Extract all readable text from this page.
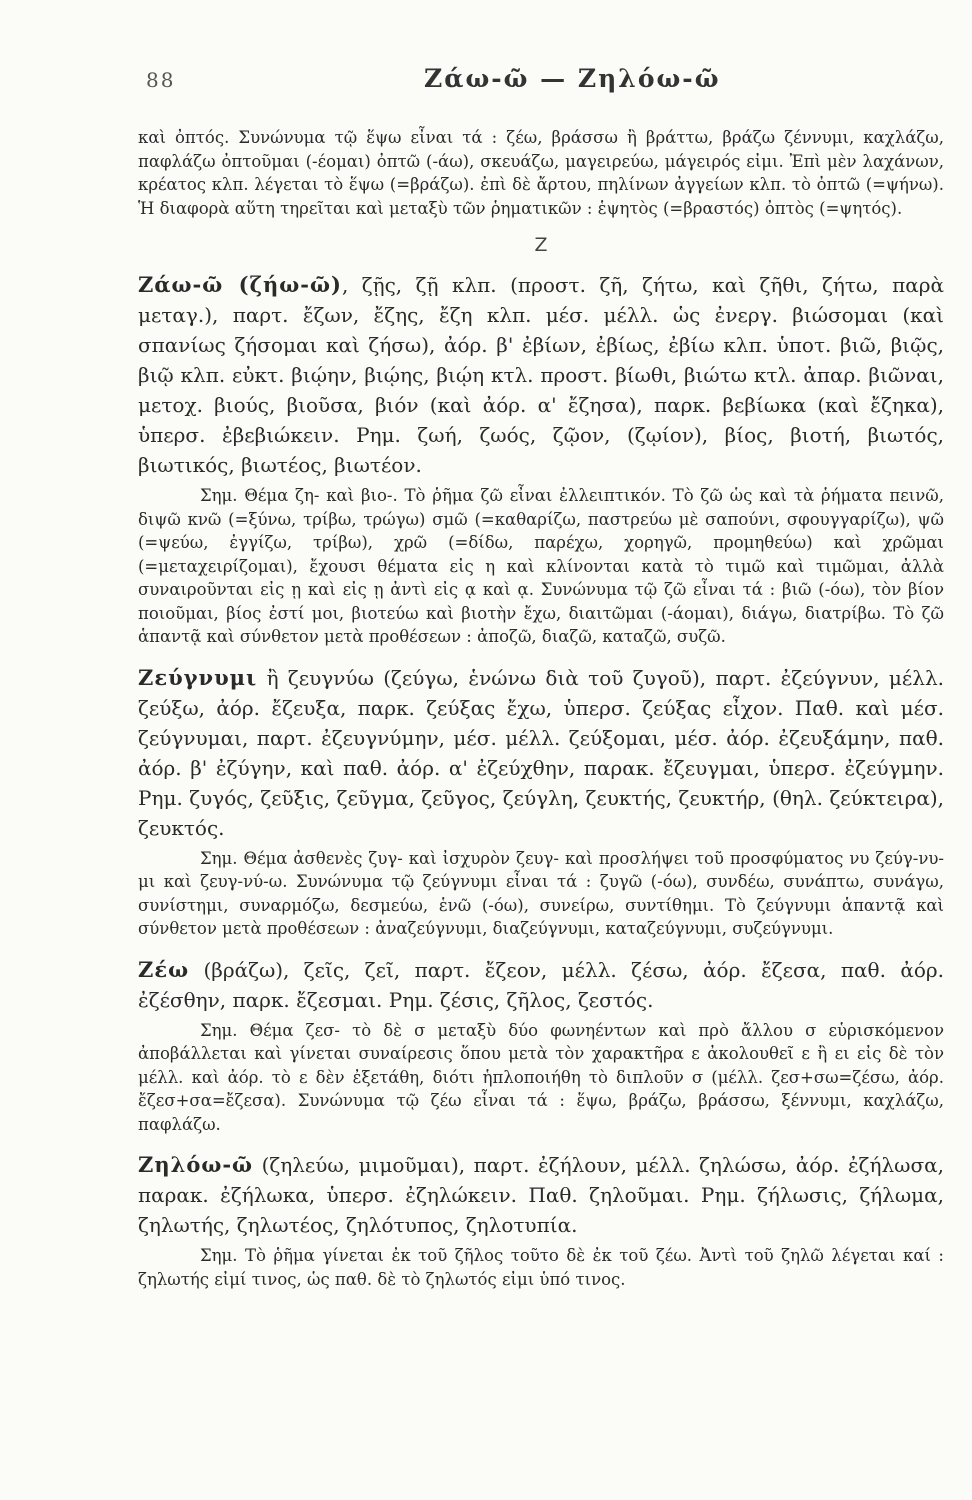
88	Ζάω-ῶ — Ζηλόω-ῶ

καὶ ὀπτός. Συνώνυμα τῷ ἕψω εἶναι τά : ζέω, βράσσω ἢ βράττω, βράζω ζέννυμι, καχλάζω, παφλάζω ὀπτοῦμαι (-έομαι) ὀπτῶ (-άω), σκευάζω, μαγειρεύω, μάγειρός εἰμι. Ἐπὶ μὲν λαχάνων, κρέατος κλπ. λέγεται τὸ ἕψω (=βράζω). ἐπὶ δὲ ἄρτου, πηλίνων ἀγγείων κλπ. τὸ ὀπτῶ (=ψήνω). Ἡ διαφορὰ αὕτη τηρεῖται καὶ μεταξὺ τῶν ῥηματικῶν : ἑψητὸς (=βραστός) ὀπτὸς (=ψητός).

Z

Ζάω-ῶ (ζήω-ῶ), ζῇς, ζῇ κλπ. (προστ. ζῆ, ζήτω, καὶ ζῆθι, ζήτω, παρὰ μεταγ.), παρτ. ἔζων, ἔζης, ἔζη κλπ. μέσ. μέλλ. ὡς ἐνεργ. βιώσομαι (καὶ σπανίως ζήσομαι καὶ ζήσω), ἀόρ. β' ἐβίων, ἐβίως, ἐβίω κλπ. ὑποτ. βιῶ, βιῷς, βιῷ κλπ. εὐκτ. βιῴην, βιῴης, βιῴη κτλ. προστ. βίωθι, βιώτω κτλ. ἀπαρ. βιῶναι, μετοχ. βιούς, βιοῦσα, βιόν (καὶ ἀόρ. α' ἔζησα), παρκ. βεβίωκα (καὶ ἔζηκα), ὑπερσ. ἐβεβιώκειν. Ρημ. ζωή, ζωός, ζῷον, (ζῳίον), βίος, βιοτή, βιωτός, βιωτικός, βιωτέος, βιωτέον.

Σημ. Θέμα ζη- καὶ βιο-. Τὸ ῥῆμα ζῶ εἶναι ἐλλειπτικόν. Τὸ ζῶ ὡς καὶ τὰ ῥήματα πεινῶ, διψῶ κνῶ (=ξύνω, τρίβω, τρώγω) σμῶ (=καθαρίζω, παστρεύω μὲ σαπούνι, σφουγγαρίζω), ψῶ (=ψεύω, ἐγγίζω, τρίβω), χρῶ (=δίδω, παρέχω, χορηγῶ, προμηθεύω) καὶ χρῶμαι (=μεταχειρίζομαι), ἔχουσι θέματα εἰς η καὶ κλίνονται κατὰ τὸ τιμῶ καὶ τιμῶμαι, ἀλλὰ συναιροῦνται εἰς ῃ καὶ εἰς ῃ ἀντὶ εἰς ᾳ καὶ ᾳ. Συνώνυμα τῷ ζῶ εἶναι τά : βιῶ (-όω), τὸν βίον ποιοῦμαι, βίος ἐστί μοι, βιοτεύω καὶ βιοτὴν ἔχω, διαιτῶμαι (-άομαι), διάγω, διατρίβω. Τὸ ζῶ ἁπαντᾷ καὶ σύνθετον μετὰ προθέσεων : ἀποζῶ, διαζῶ, καταζῶ, συζῶ.

Ζεύγνυμι ἢ ζευγνύω (ζεύγω, ἑνώνω διὰ τοῦ ζυγοῦ), παρτ. ἐζεύγνυν, μέλλ. ζεύξω, ἀόρ. ἔζευξα, παρκ. ζεύξας ἔχω, ὑπερσ. ζεύξας εἶχον. Παθ. καὶ μέσ. ζεύγνυμαι, παρτ. ἐζευγνύμην, μέσ. μέλλ. ζεύξομαι, μέσ. ἀόρ. ἐζευξάμην, παθ. ἀόρ. β' ἐζύγην, καὶ παθ. ἀόρ. α' ἐζεύχθην, παρακ. ἔζευγμαι, ὑπερσ. ἐζεύγμην. Ρημ. ζυγός, ζεῦξις, ζεῦγμα, ζεῦγος, ζεύγλη, ζευκτής, ζευκτήρ, (θηλ. ζεύκτειρα), ζευκτός.

Σημ. Θέμα ἀσθενὲς ζυγ- καὶ ἰσχυρὸν ζευγ- καὶ προσλήψει τοῦ προσφύματος νυ ζεύγ-νυ-μι καὶ ζευγ-νύ-ω. Συνώνυμα τῷ ζεύγνυμι εἶναι τά : ζυγῶ (-όω), συνδέω, συνάπτω, συνάγω, συνίστημι, συναρμόζω, δεσμεύω, ἑνῶ (-όω), συνείρω, συντίθημι. Τὸ ζεύγνυμι ἁπαντᾷ καὶ σύνθετον μετὰ προθέσεων : ἀναζεύγνυμι, διαζεύγνυμι, καταζεύγνυμι, συζεύγνυμι.

Ζέω (βράζω), ζεῖς, ζεῖ, παρτ. ἔζεον, μέλλ. ζέσω, ἀόρ. ἔζεσα, παθ. ἀόρ. ἐζέσθην, παρκ. ἔζεσμαι. Ρημ. ζέσις, ζῆλος, ζεστός.

Σημ. Θέμα ζεσ- τὸ δὲ σ μεταξὺ δύο φωνηέντων καὶ πρὸ ἄλλου σ εὑρισκόμενον ἀποβάλλεται καὶ γίνεται συναίρεσις ὅπου μετὰ τὸν χαρακτῆρα ε ἀκολουθεῖ ε ἢ ει εἰς δὲ τὸν μέλλ. καὶ ἀόρ. τὸ ε δὲν ἐξετάθη, διότι ἡπλοποιήθη τὸ διπλοῦν σ (μέλλ. ζεσ+σω=ζέσω, ἀόρ. ἔζεσ+σα=ἔζεσα). Συνώνυμα τῷ ζέω εἶναι τά : ἕψω, βράζω, βράσσω, ξέννυμι, καχλάζω, παφλάζω.

Ζηλόω-ῶ (ζηλεύω, μιμοῦμαι), παρτ. ἐζήλουν, μέλλ. ζηλώσω, ἀόρ. ἐζήλωσα, παρακ. ἐζήλωκα, ὑπερσ. ἐζηλώκειν. Παθ. ζηλοῦμαι. Ρημ. ζήλωσις, ζήλωμα, ζηλωτής, ζηλωτέος, ζηλότυπος, ζηλοτυπία.

Σημ. Τὸ ῥῆμα γίνεται ἐκ τοῦ ζῆλος τοῦτο δὲ ἐκ τοῦ ζέω. Ἀντὶ τοῦ ζηλῶ λέγεται καί : ζηλωτής εἰμί τινος, ὡς παθ. δὲ τὸ ζηλωτός εἰμι ὑπό τινος.
